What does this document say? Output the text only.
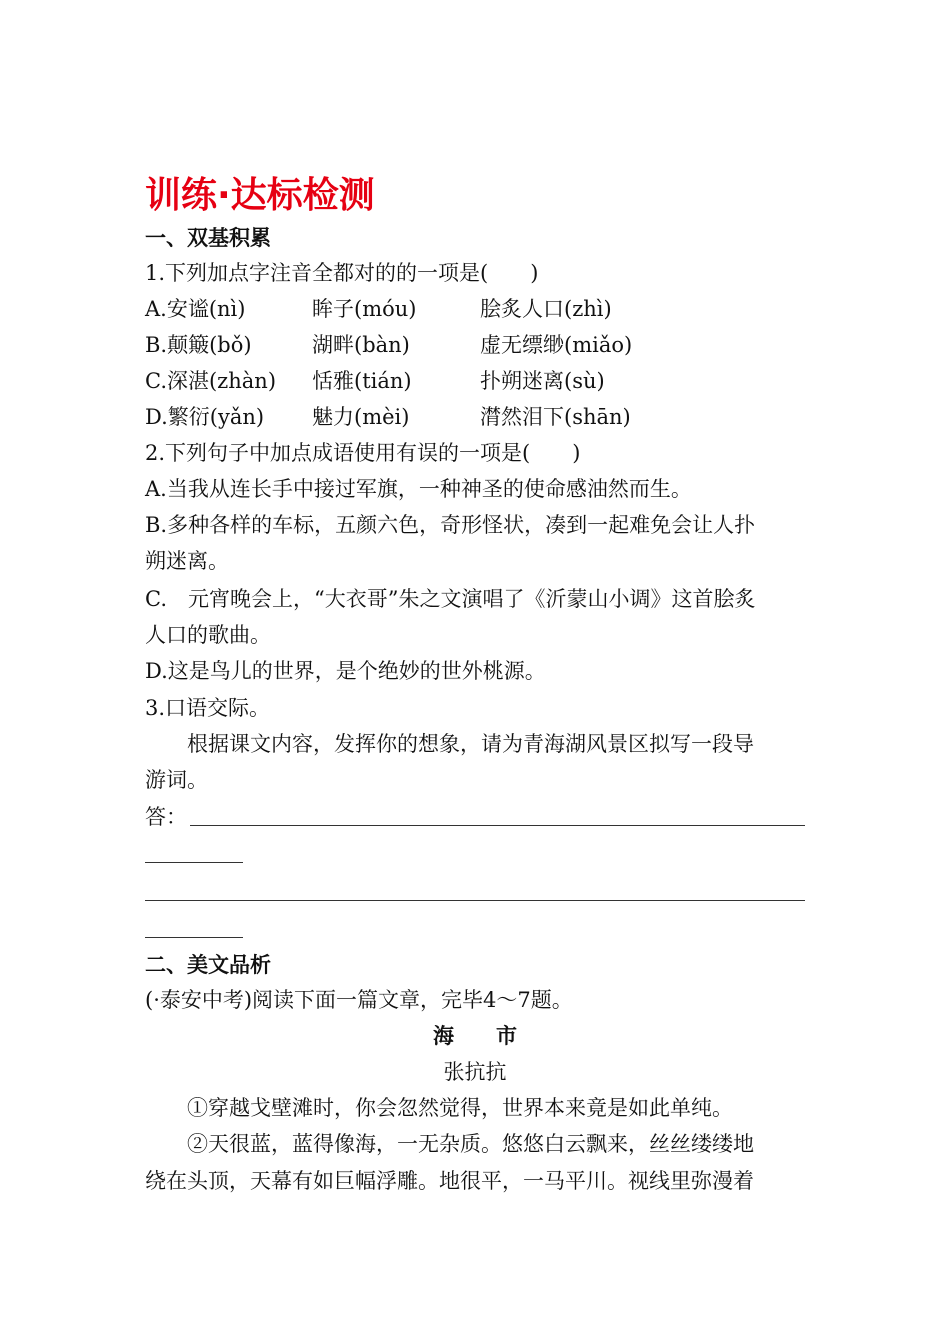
训练·达标检测
一、双基积累
1.下列加点字注音全都对的的一项是(　　)
A.安谧(nì)	眸子(móu)	脍炙人口(zhì)
B.颠簸(bǒ)	湖畔(bàn)	虚无缥缈(miǎo)
C.深湛(zhàn) 恬雅(tián)	扑朔迷离(sù)
D.繁衍(yǎn) 魅力(mèi)	潸然泪下(shān)
2.下列句子中加点成语使用有误的一项是(　　)
A.当我从连长手中接过军旗，一种神圣的使命感油然而生。
B.多种各样的车标，五颜六色，奇形怪状，凑到一起难免会让人扑
朔迷离。
C.　元宵晚会上，“大衣哥”朱之文演唱了《沂蒙山小调》这首脍炙
人口的歌曲。
D.这是鸟儿的世界，是个绝妙的世外桃源。
3.口语交际。
根据课文内容，发挥你的想象，请为青海湖风景区拟写一段导
游词。
答：
二、美文品析
(·泰安中考)阅读下面一篇文章，完毕4～7题。
海　　市
张抗抗
①穿越戈壁滩时，你会忽然觉得，世界本来竟是如此单纯。
②天很蓝，蓝得像海，一无杂质。悠悠白云飘来，丝丝缕缕地
绕在头顶，天幕有如巨幅浮雕。地很平，一马平川。视线里弥漫着
